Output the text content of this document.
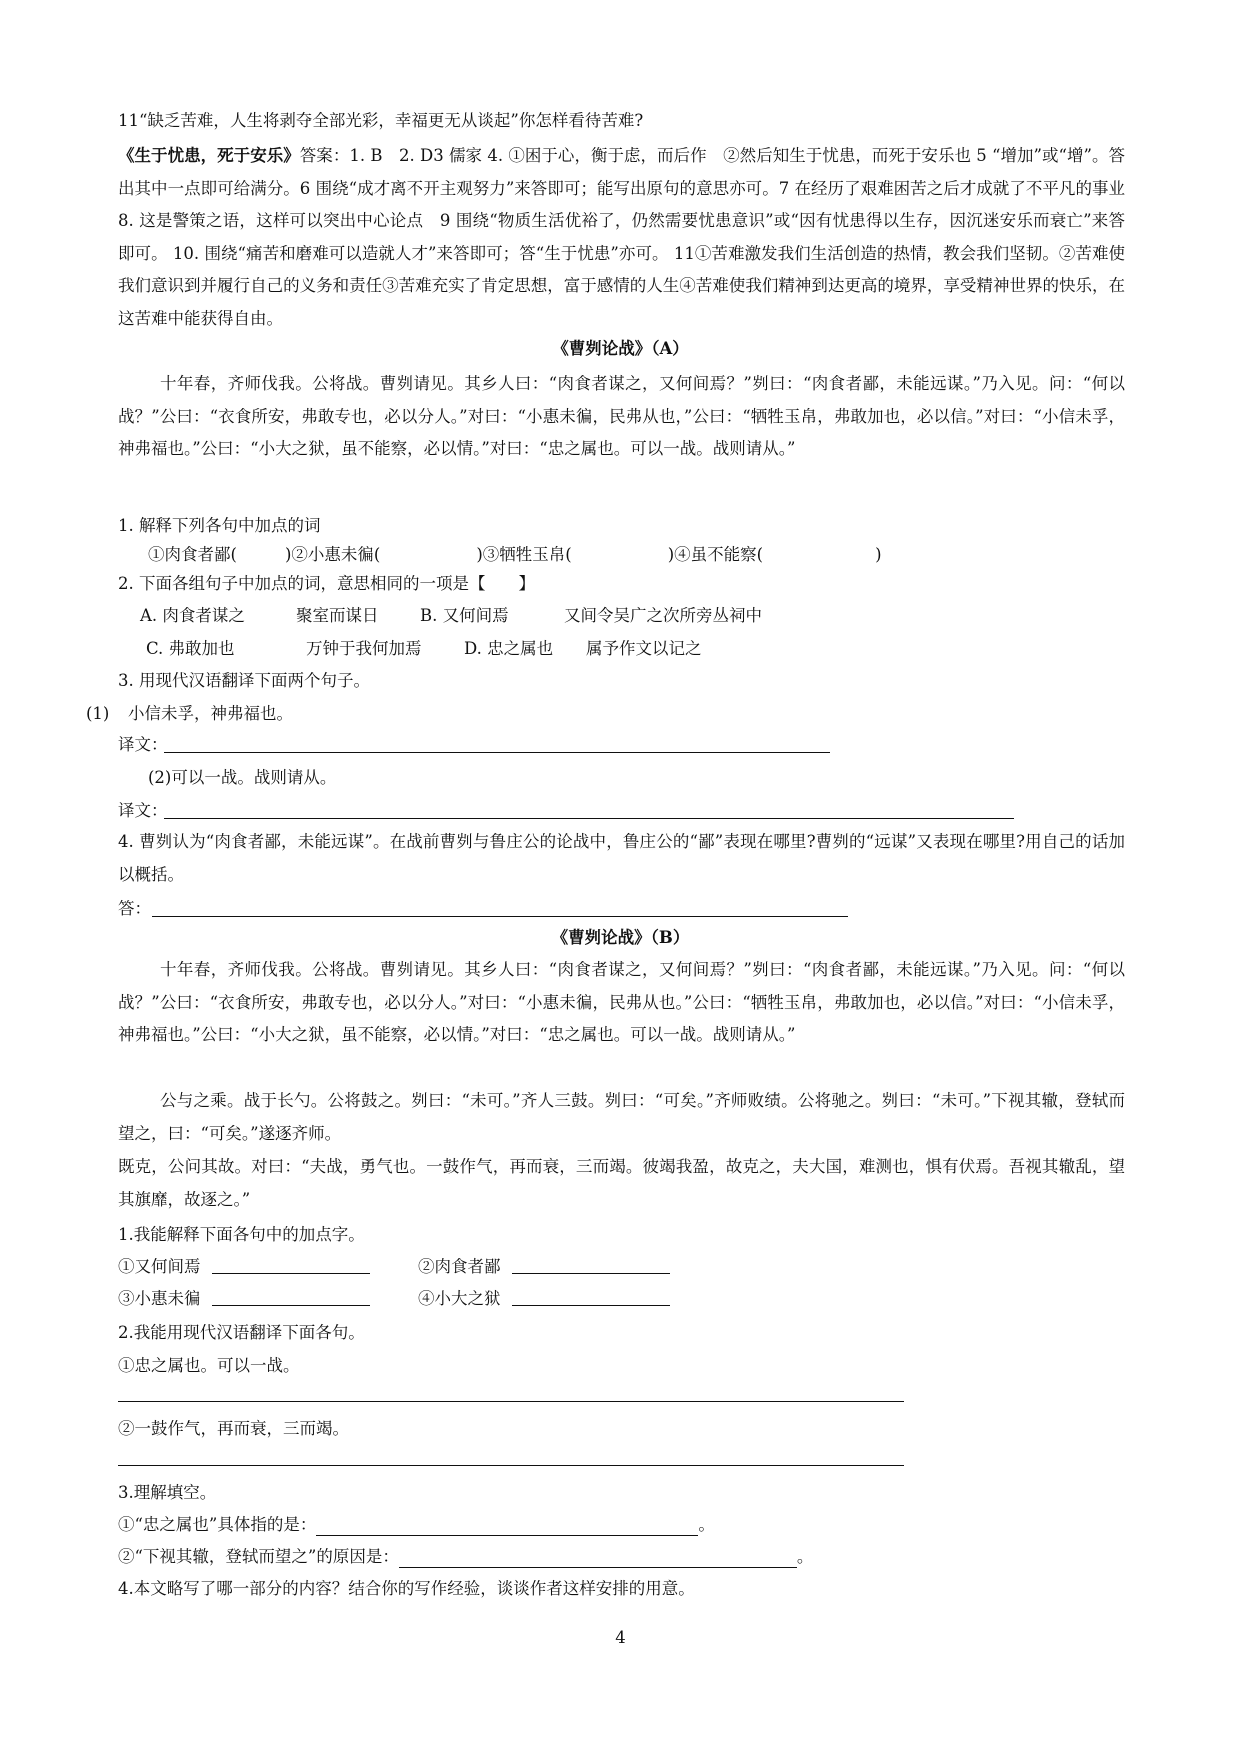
11“缺乏苦难，人生将剥夺全部光彩，幸福更无从谈起”你怎样看待苦难?
《生于忧患，死于安乐》答案：1. B　2. D3 儒家 4. ①困于心，衡于虑，而后作　②然后知生于忧患，而死于安乐也 5 “增加”或“增”。答出其中一点即可给满分。6 围绕“成才离不开主观努力”来答即可；能写出原句的意思亦可。7 在经历了艰难困苦之后才成就了不平凡的事业 8. 这是警策之语，这样可以突出中心论点　9 围绕“物质生活优裕了，仍然需要忧患意识”或“因有忧患得以生存，因沉迷安乐而衰亡”来答即可。 10. 围绕“痛苦和磨难可以造就人才”来答即可；答“生于忧患”亦可。 11①苦难激发我们生活创造的热情，教会我们坚韧。②苦难使我们意识到并履行自己的义务和责任③苦难充实了肯定思想，富于感情的人生④苦难使我们精神到达更高的境界，享受精神世界的快乐，在这苦难中能获得自由。
《曹刿论战》（A）
十年春，齐师伐我。公将战。曹刿请见。其乡人曰：“肉食者谋之，又何间焉？”刿曰：“肉食者鄙，未能远谋。”乃入见。问：“何以战？”公曰：“衣食所安，弗敢专也，必以分人。”对曰：“小惠未徧，民弗从也，”公曰：“牺牲玉帛，弗敢加也，必以信。”对曰：“小信未孚，神弗福也。”公曰：“小大之狱，虽不能察，必以情。”对曰：“忠之属也。可以一战。战则请从。”
1. 解释下列各句中加点的词
①肉食者鄙(	)②小惠未徧(	)③牺牲玉帛(	)④虽不能察(	)
2. 下面各组句子中加点的词，意思相同的一项是【　　】
A. 肉食者谋之	聚室而谋日	B. 又何间焉	又间令吴广之次所旁丛祠中
C. 弗敢加也	万钟于我何加焉	D. 忠之属也 属予作文以记之
3. 用现代汉语翻译下面两个句子。
(1) 小信未孚，神弗福也。
译文：
(2)可以一战。战则请从。
译文：
4. 曹刿认为“肉食者鄙，未能远谋”。在战前曹刿与鲁庄公的论战中，鲁庄公的“鄙”表现在哪里?曹刿的“远谋”又表现在哪里?用自己的话加以概括。
答：
《曹刿论战》（B）
十年春，齐师伐我。公将战。曹刿请见。其乡人曰：“肉食者谋之，又何间焉？”刿曰：“肉食者鄙，未能远谋。”乃入见。问：“何以战？”公曰：“衣食所安，弗敢专也，必以分人。”对曰：“小惠未徧，民弗从也。”公曰：“牺牲玉帛，弗敢加也，必以信。”对曰：“小信未孚，神弗福也。”公曰：“小大之狱，虽不能察，必以情。”对曰：“忠之属也。可以一战。战则请从。”
公与之乘。战于长勺。公将鼓之。刿曰：“未可。”齐人三鼓。刿曰：“可矣。”齐师败绩。公将驰之。刿曰：“未可。”下视其辙，登轼而望之，曰：“可矣。”遂逐齐师。
既克，公问其故。对曰：“夫战，勇气也。一鼓作气，再而衰，三而竭。彼竭我盈，故克之，夫大国，难测也，惧有伏焉。吾视其辙乱，望其旗靡，故逐之。”
1.我能解释下面各句中的加点字。
①又何间焉	②肉食者鄙
③小惠未徧	④小大之狱
2.我能用现代汉语翻译下面各句。
①忠之属也。可以一战。
②一鼓作气，再而衰，三而竭。
3.理解填空。
①“忠之属也”具体指的是：	。
②“下视其辙，登轼而望之”的原因是：	。
4.本文略写了哪一部分的内容？结合你的写作经验，谈谈作者这样安排的用意。
4
